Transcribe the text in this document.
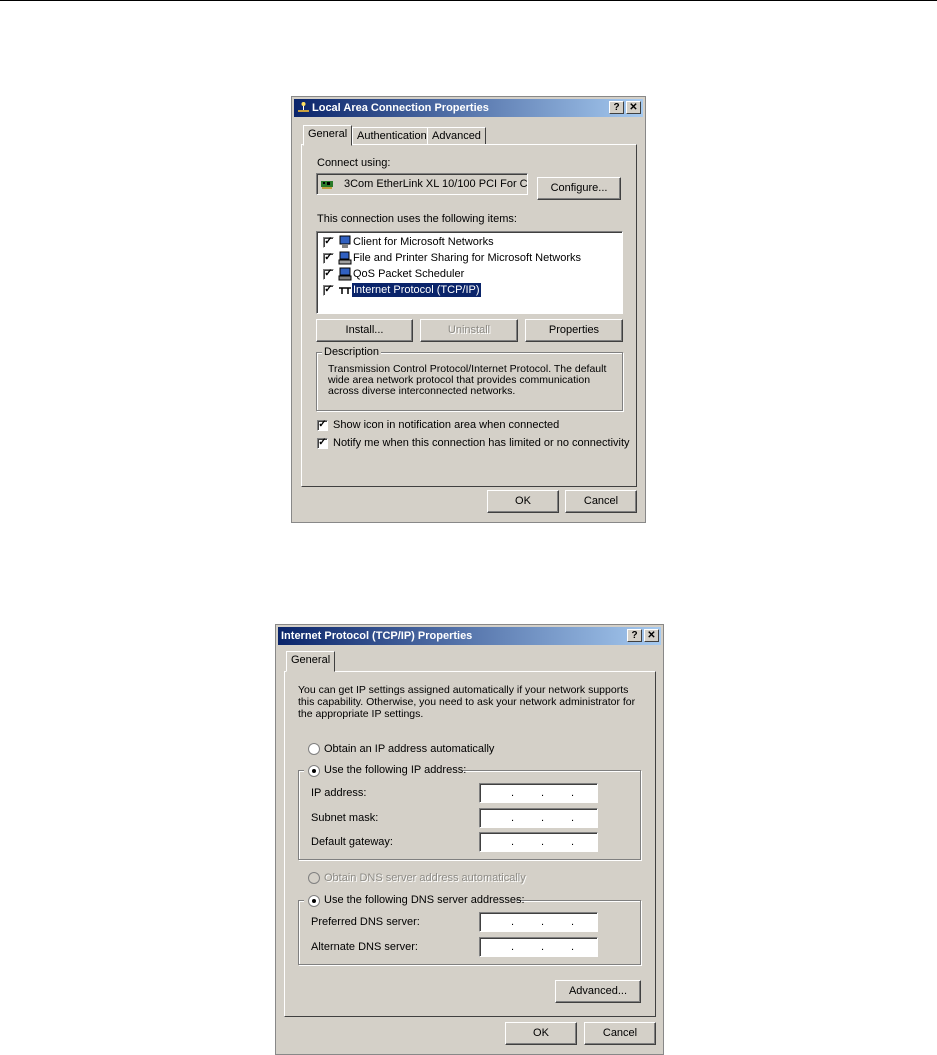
Local Area Connection Properties	? ✕
General Authentication Advanced
Connect using:
3Com EtherLink XL 10/100 PCI For C	Configure...
This connection uses the following items:
✓ Client for Microsoft Networks
✓ File and Printer Sharing for Microsoft Networks
✓ QoS Packet Scheduler
✓ Internet Protocol (TCP/IP)
Install...	Uninstall	Properties
Description
Transmission Control Protocol/Internet Protocol. The default wide area network protocol that provides communication across diverse interconnected networks.
✓ Show icon in notification area when connected
✓ Notify me when this connection has limited or no connectivity
OK	Cancel
Internet Protocol (TCP/IP) Properties	? ✕
General
You can get IP settings assigned automatically if your network supports this capability. Otherwise, you need to ask your network administrator for the appropriate IP settings.
Obtain an IP address automatically
Use the following IP address:
IP address:	. . .
Subnet mask:	. . .
Default gateway:	. . .
Obtain DNS server address automatically
Use the following DNS server addresses:
Preferred DNS server:	. . .
Alternate DNS server:	. . .
Advanced...
OK	Cancel
